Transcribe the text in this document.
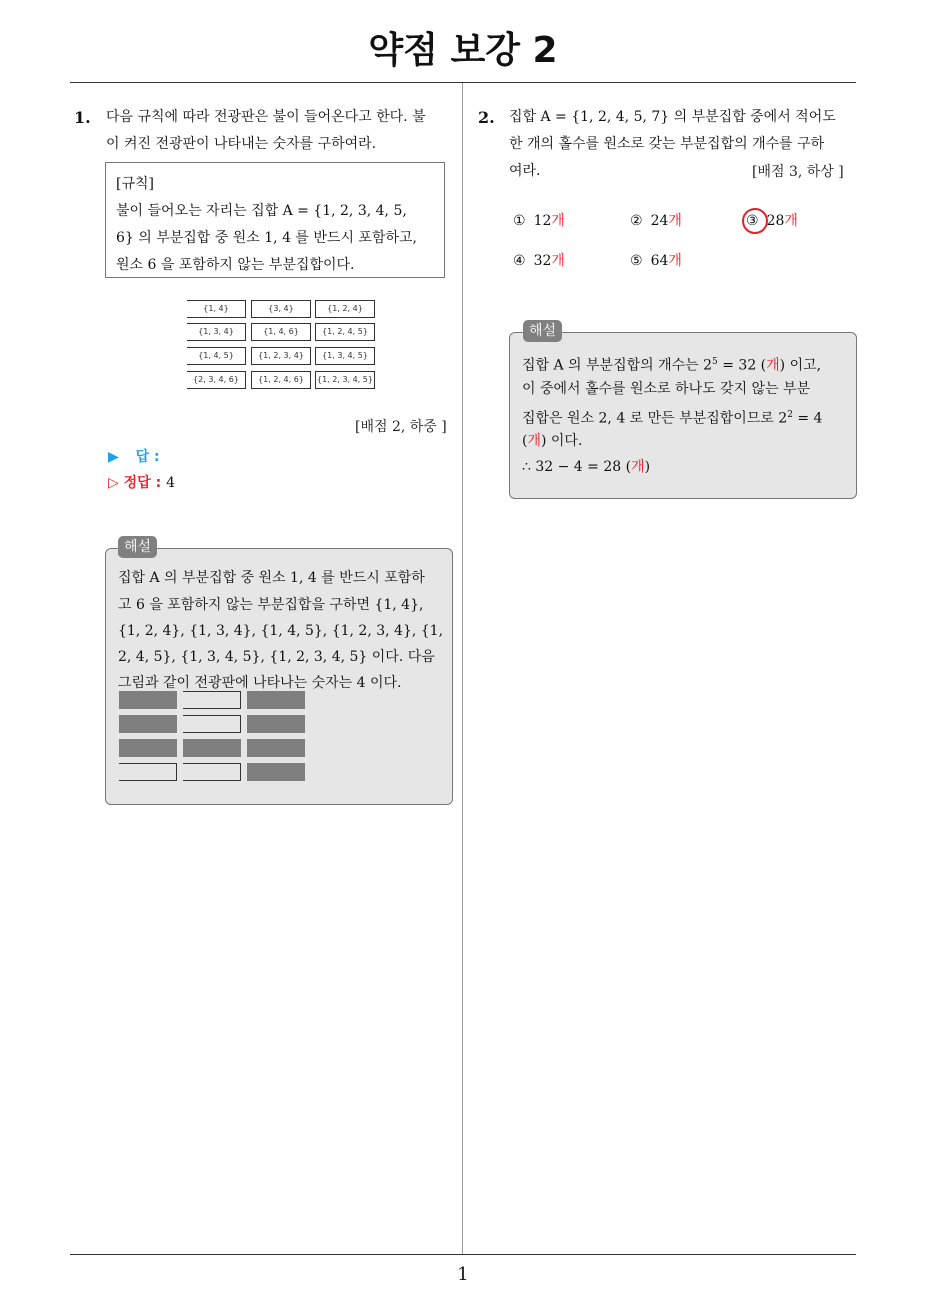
약점 보강 2
1. 다음 규칙에 따라 전광판은 불이 들어온다고 한다. 불
이 켜진 전광판이 나타내는 숫자를 구하여라.
[규칙]
불이 들어오는 자리는 집합 A = {1, 2, 3, 4, 5,
6} 의 부분집합 중 원소 1, 4 를 반드시 포함하고,
원소 6 을 포함하지 않는 부분집합이다.
{1, 4}	{3, 4}	{1, 2, 4}
{1, 3, 4}	{1, 4, 6}	{1, 2, 4, 5}
{1, 4, 5}	{1, 2, 3, 4}	{1, 3, 4, 5}
{2, 3, 4, 6}	{1, 2, 4, 6}	{1, 2, 3, 4, 5}
[배점 2, 하중 ]
▶ 답 :
▷ 정답 : 4
해설
집합 A 의 부분집합 중 원소 1, 4 를 반드시 포함하
고 6 을 포함하지 않는 부분집합을 구하면 {1, 4},
{1, 2, 4}, {1, 3, 4}, {1, 4, 5}, {1, 2, 3, 4}, {1,
2, 4, 5}, {1, 3, 4, 5}, {1, 2, 3, 4, 5} 이다. 다음
그림과 같이 전광판에 나타나는 숫자는 4 이다.
2. 집합 A = {1, 2, 4, 5, 7} 의 부분집합 중에서 적어도
한 개의 홀수를 원소로 갖는 부분집합의 개수를 구하
여라.	[배점 3, 하상 ]
① 12개	② 24개	③ 28개
④ 32개	⑤ 64개
해설
집합 A 의 부분집합의 개수는 $2^5 = 32$ (개) 이고,
이 중에서 홀수를 원소로 하나도 갖지 않는 부분
집합은 원소 2, 4 로 만든 부분집합이므로 $2^2 = 4$
(개) 이다.
∴ 32 − 4 = 28 (개)
1
